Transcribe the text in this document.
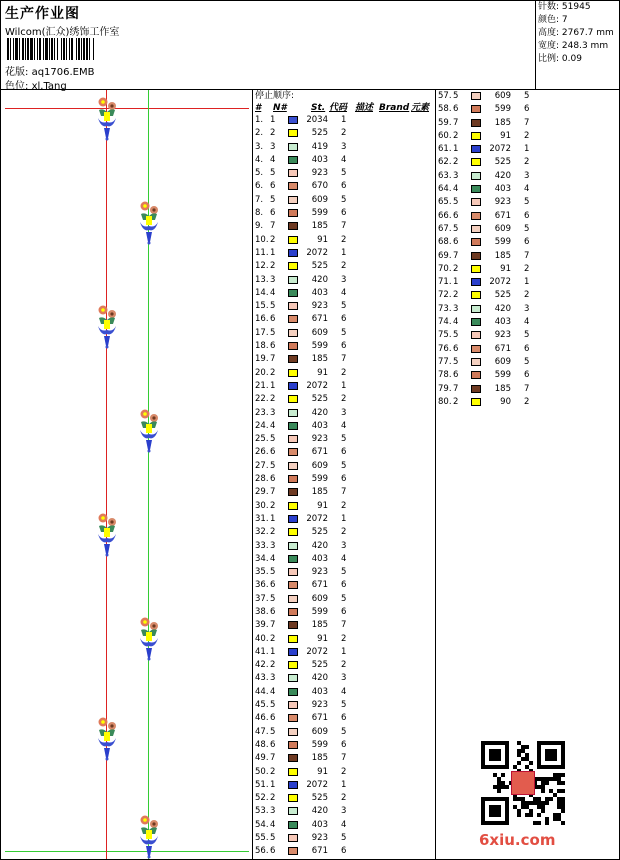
生产作业图
Wilcom(汇众)绣饰工作室
花版: aq1706.EMB
色位: xl.Tang
针数: 51945
颜色: 7
高度: 2767.7 mm
宽度: 248.3 mm
比例: 0.09
停止顺序:
# N#	St. 代码 描述 Brand 元素
1. 1	2034 1
2. 2	525 2
3. 3	419 3
4. 4	403 4
5. 5	923 5
6. 6	670 6
7. 5	609 5
8. 6	599 6
9. 7	185 7
10. 2	91 2
11. 1	2072 1
12. 2	525 2
13. 3	420 3
14. 4	403 4
15. 5	923 5
16. 6	671 6
17. 5	609 5
18. 6	599 6
19. 7	185 7
20. 2	91 2
21. 1	2072 1
22. 2	525 2
23. 3	420 3
24. 4	403 4
25. 5	923 5
26. 6	671 6
27. 5	609 5
28. 6	599 6
29. 7	185 7
30. 2	91 2
31. 1	2072 1
32. 2	525 2
33. 3	420 3
34. 4	403 4
35. 5	923 5
36. 6	671 6
37. 5	609 5
38. 6	599 6
39. 7	185 7
40. 2	91 2
41. 1	2072 1
42. 2	525 2
43. 3	420 3
44. 4	403 4
45. 5	923 5
46. 6	671 6
47. 5	609 5
48. 6	599 6
49. 7	185 7
50. 2	91 2
51. 1	2072 1
52. 2	525 2
53. 3	420 3
54. 4	403 4
55. 5	923 5
56. 6	671 6
57. 5	609 5
58. 6	599 6
59. 7	185 7
60. 2	91 2
61. 1	2072 1
62. 2	525 2
63. 3	420 3
64. 4	403 4
65. 5	923 5
66. 6	671 6
67. 5	609 5
68. 6	599 6
69. 7	185 7
70. 2	91 2
71. 1	2072 1
72. 2	525 2
73. 3	420 3
74. 4	403 4
75. 5	923 5
76. 6	671 6
77. 5	609 5
78. 6	599 6
79. 7	185 7
80. 2	90 2
6xiu.com
